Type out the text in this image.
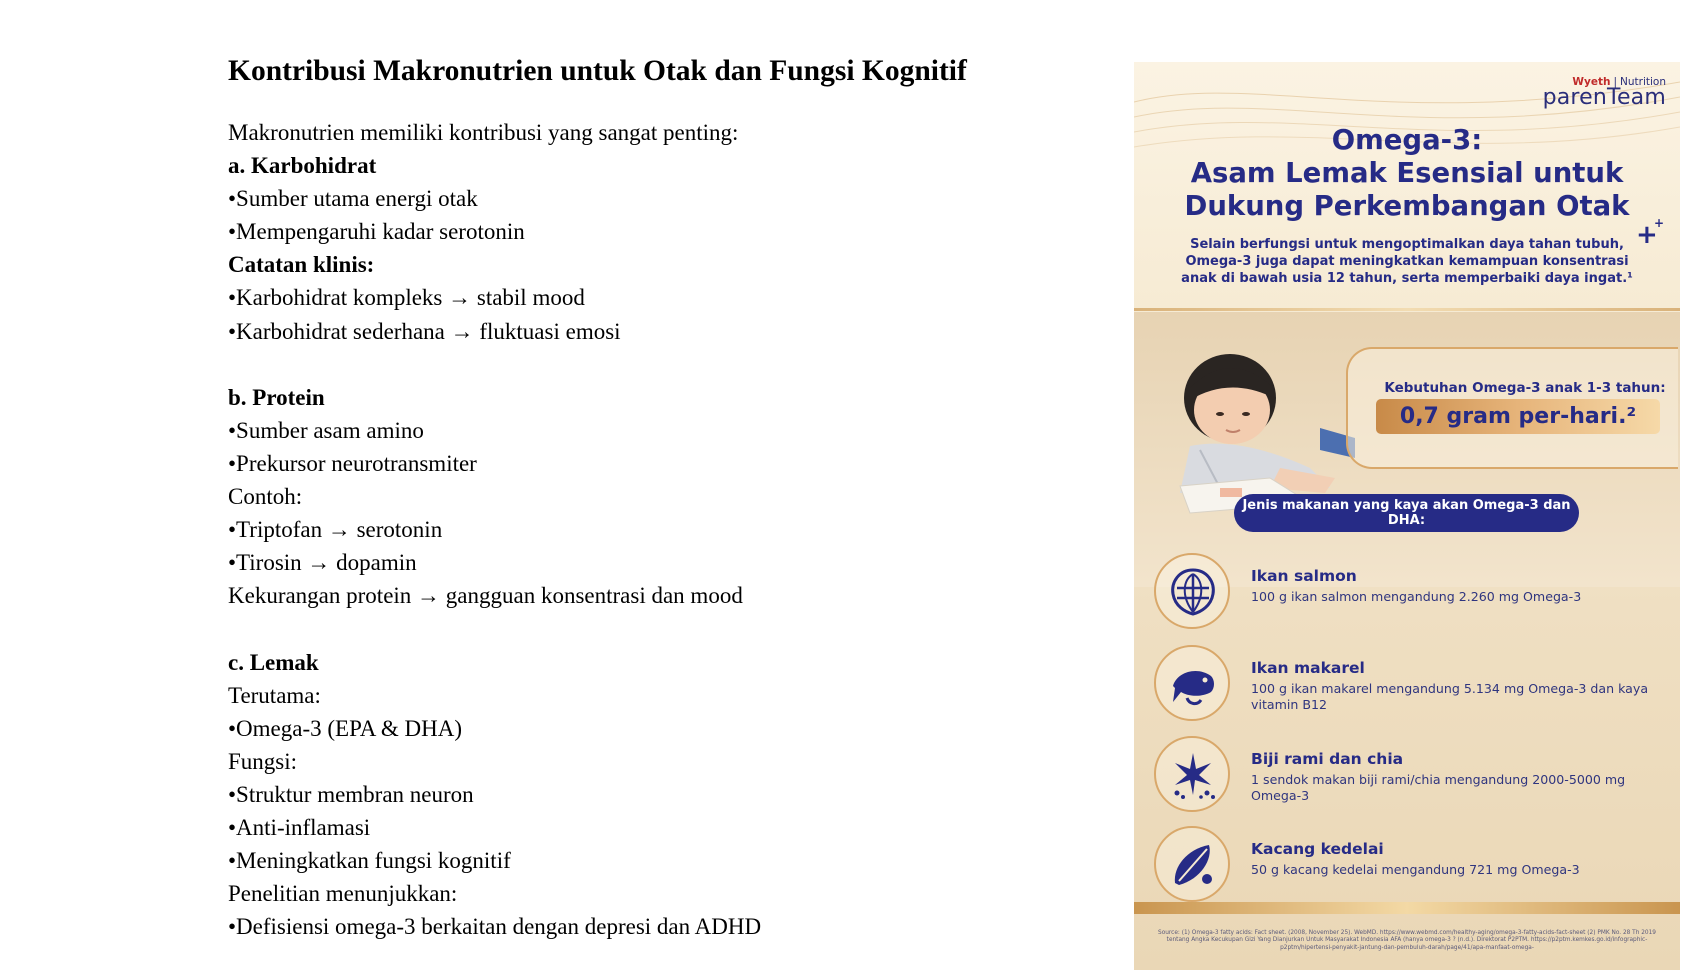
Kontribusi Makronutrien untuk Otak dan Fungsi Kognitif
Makronutrien memiliki kontribusi yang sangat penting:
a. Karbohidrat
•Sumber utama energi otak
•Mempengaruhi kadar serotonin
Catatan klinis:
•Karbohidrat kompleks → stabil mood
•Karbohidrat sederhana → fluktuasi emosi
b. Protein
•Sumber asam amino
•Prekursor neurotransmiter
Contoh:
•Triptofan → serotonin
•Tirosin → dopamin
Kekurangan protein → gangguan konsentrasi dan mood
c. Lemak
Terutama:
•Omega-3 (EPA & DHA)
Fungsi:
•Struktur membran neuron
•Anti-inflamasi
•Meningkatkan fungsi kognitif
Penelitian menunjukkan:
•Defisiensi omega-3 berkaitan dengan depresi dan ADHD
Wyeth | Nutrition
parenTeam
Omega-3:
Asam Lemak Esensial untuk
Dukung Perkembangan Otak
+
+
Selain berfungsi untuk mengoptimalkan daya tahan tubuh, Omega-3 juga dapat meningkatkan kemampuan konsentrasi anak di bawah usia 12 tahun, serta memperbaiki daya ingat.¹
Kebutuhan Omega-3 anak 1-3 tahun:
0,7 gram per-hari.²
Jenis makanan yang kaya akan Omega-3 dan DHA:
Ikan salmon
100 g ikan salmon mengandung 2.260 mg Omega-3
Ikan makarel
100 g ikan makarel mengandung 5.134 mg Omega-3 dan kaya vitamin B12
Biji rami dan chia
1 sendok makan biji rami/chia mengandung 2000-5000 mg Omega-3
Kacang kedelai
50 g kacang kedelai mengandung 721 mg Omega-3
Source: (1) Omega-3 fatty acids: Fact sheet. (2008, November 25). WebMD. https://www.webmd.com/healthy-aging/omega-3-fatty-acids-fact-sheet (2) PMK No. 28 Th 2019 tentang Angka Kecukupan Gizi Yang Dianjurkan Untuk Masyarakat Indonesia AFA (hanya omega-3 ? (n.d.). Direktorat P2PTM. https://p2ptm.kemkes.go.id/infographic-p2ptm/hipertensi-penyakit-jantung-dan-pembuluh-darah/page/41/apa-manfaat-omega-
